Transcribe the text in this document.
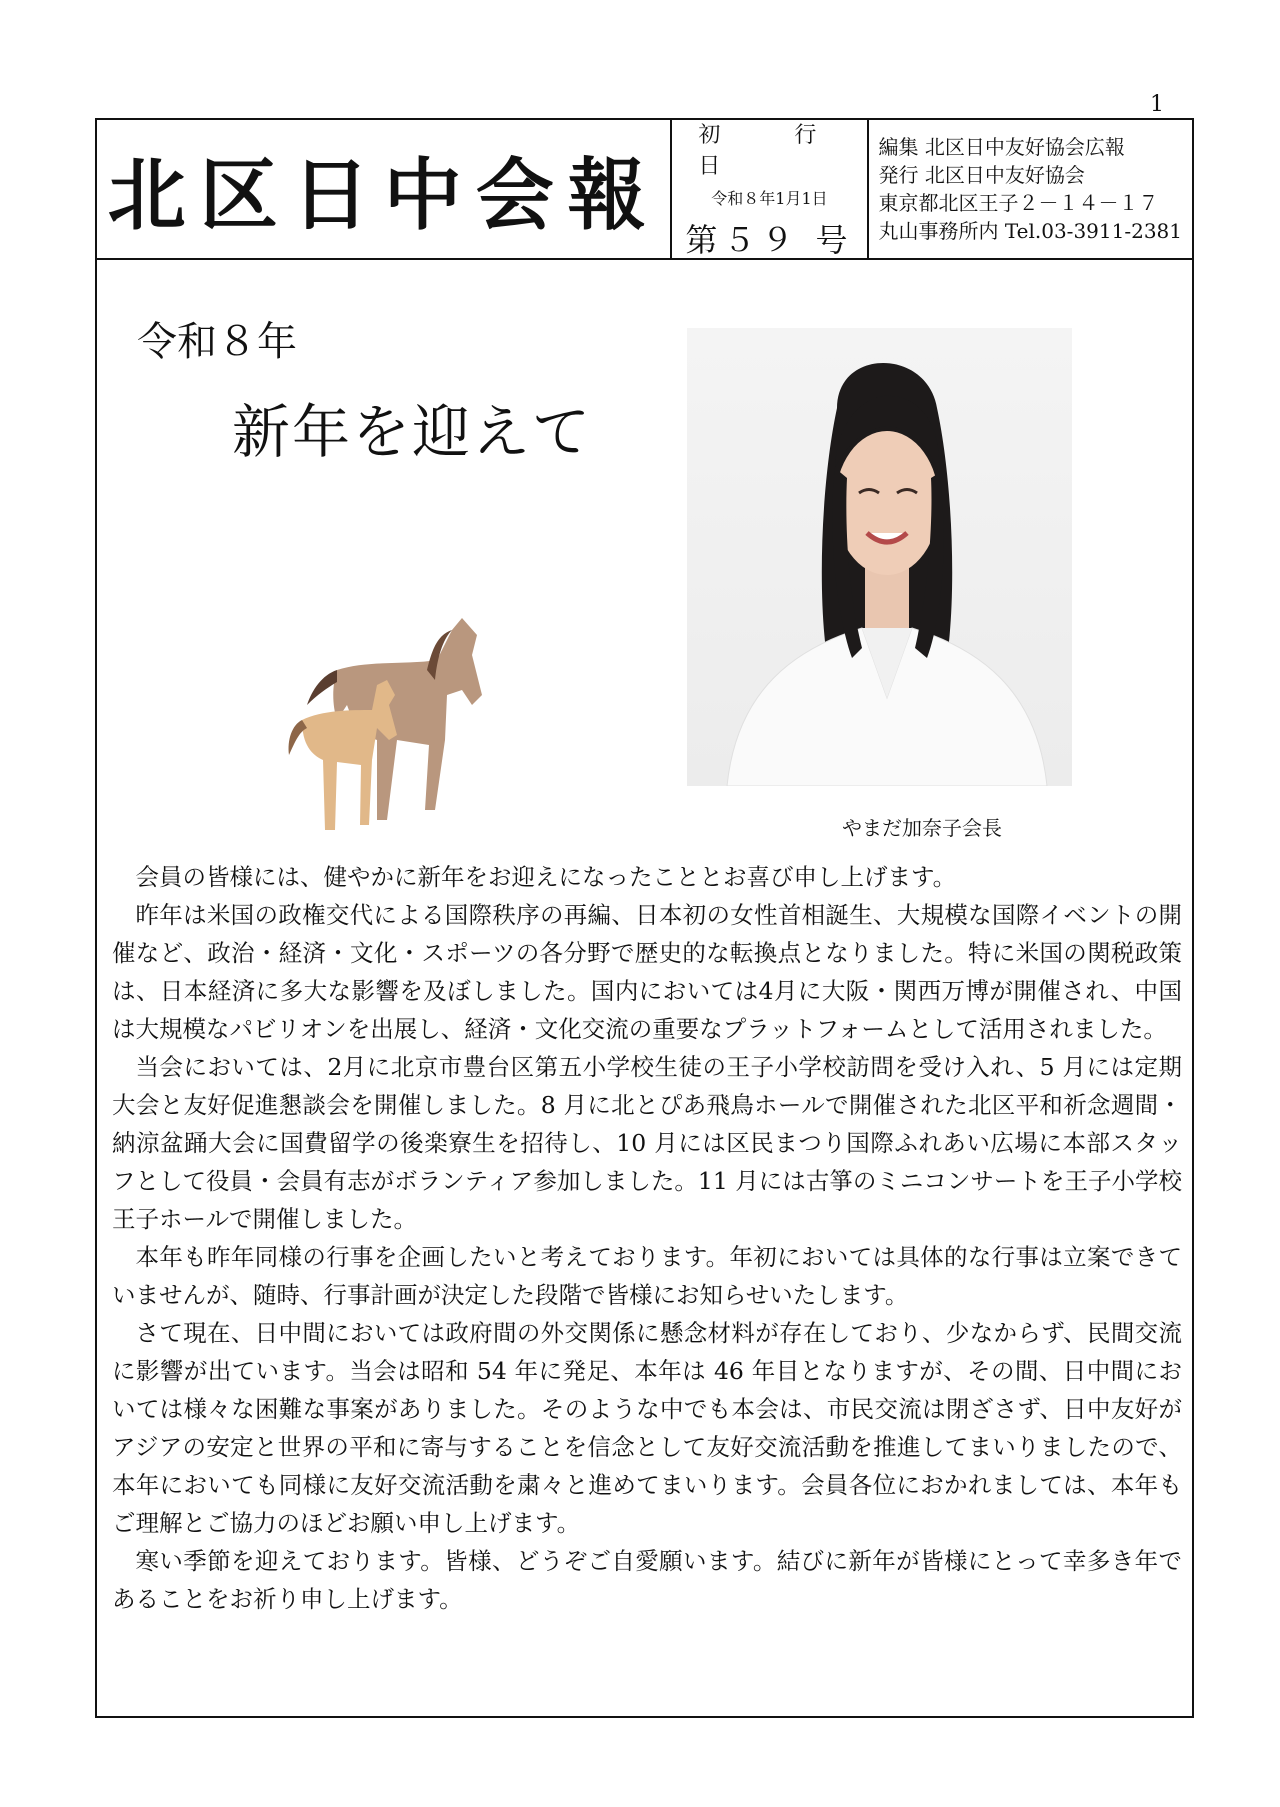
1
北区日中会報
初　行　日
令和８年1月1日
第５９ 号
編集 北区日中友好協会広報
発行 北区日中友好協会
東京都北区王子２－１４－１７
丸山事務所内 Tel.03-3911-2381
令和８年
新年を迎えて
やまだ加奈子会長

会員の皆様には、健やかに新年をお迎えになったこととお喜び申し上げます。

昨年は米国の政権交代による国際秩序の再編、日本初の女性首相誕生、大規模な国際イベントの開催など、政治・経済・文化・スポーツの各分野で歴史的な転換点となりました。特に米国の関税政策は、日本経済に多大な影響を及ぼしました。国内においては4月に大阪・関西万博が開催され、中国は大規模なパビリオンを出展し、経済・文化交流の重要なプラットフォームとして活用されました。

当会においては、2月に北京市豊台区第五小学校生徒の王子小学校訪問を受け入れ、5 月には定期大会と友好促進懇談会を開催しました。8 月に北とぴあ飛鳥ホールで開催された北区平和祈念週間・納涼盆踊大会に国費留学の後楽寮生を招待し、10 月には区民まつり国際ふれあい広場に本部スタッフとして役員・会員有志がボランティア参加しました。11 月には古箏のミニコンサートを王子小学校王子ホールで開催しました。

本年も昨年同様の行事を企画したいと考えております。年初においては具体的な行事は立案できていませんが、随時、行事計画が決定した段階で皆様にお知らせいたします。

さて現在、日中間においては政府間の外交関係に懸念材料が存在しており、少なからず、民間交流に影響が出ています。当会は昭和 54 年に発足、本年は 46 年目となりますが、その間、日中間においては様々な困難な事案がありました。そのような中でも本会は、市民交流は閉ざさず、日中友好がアジアの安定と世界の平和に寄与することを信念として友好交流活動を推進してまいりましたので、本年においても同様に友好交流活動を粛々と進めてまいります。会員各位におかれましては、本年もご理解とご協力のほどお願い申し上げます。

寒い季節を迎えております。皆様、どうぞご自愛願います。結びに新年が皆様にとって幸多き年であることをお祈り申し上げます。
